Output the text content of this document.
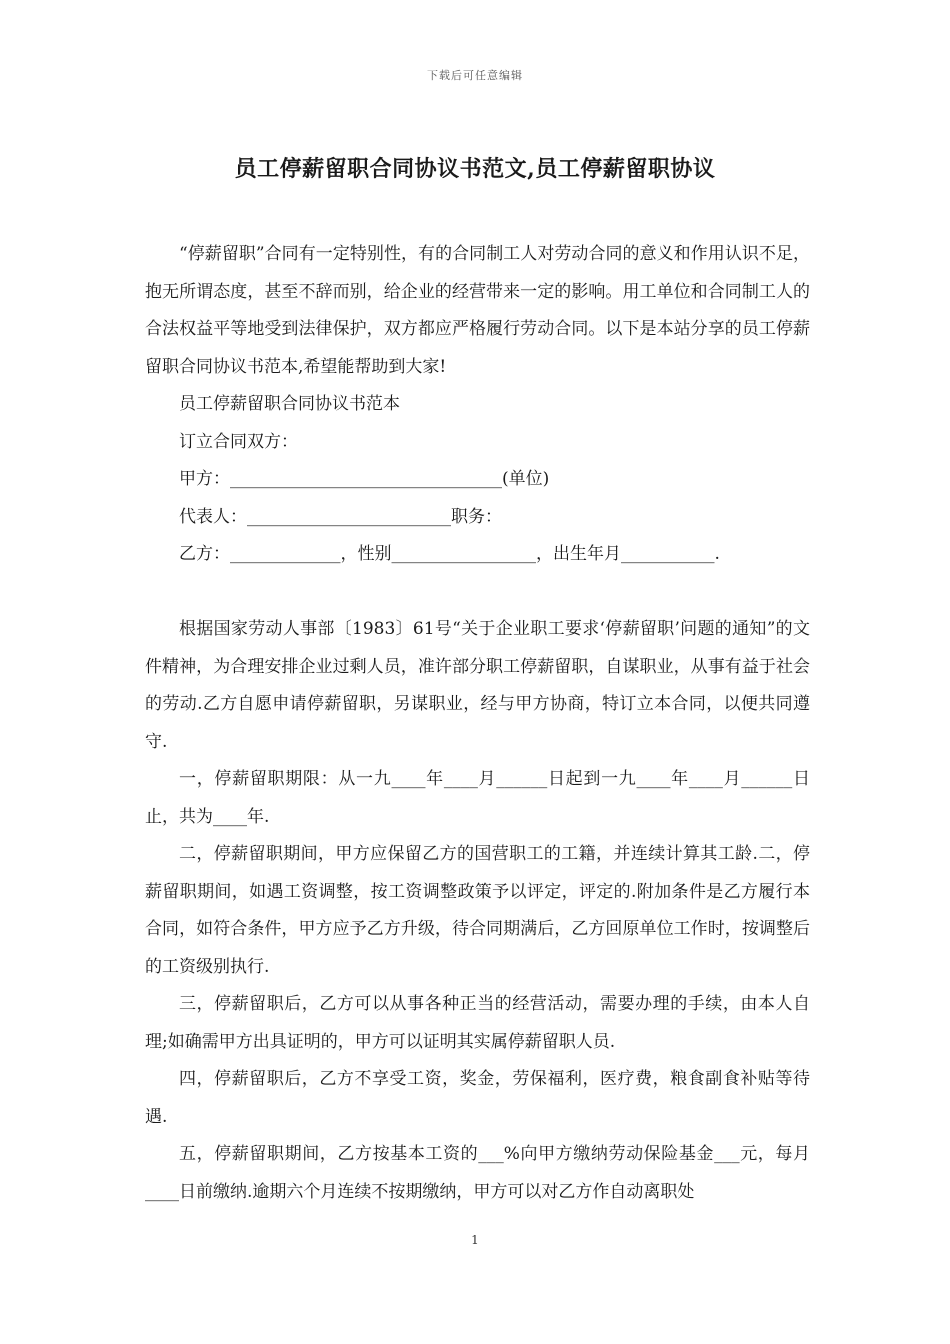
下载后可任意编辑
员工停薪留职合同协议书范文,员工停薪留职协议

“停薪留职”合同有一定特别性，有的合同制工人对劳动合同的意义和作用认识不足，抱无所谓态度，甚至不辞而别，给企业的经营带来一定的影响。用工单位和合同制工人的合法权益平等地受到法律保护，双方都应严格履行劳动合同。以下是本站分享的员工停薪留职合同协议书范本,希望能帮助到大家!

员工停薪留职合同协议书范本

订立合同双方：

甲方：________________________________(单位)

代表人：________________________职务：

乙方：_____________，性别_________________，出生年月___________.

根据国家劳动人事部〔1983〕61号“关于企业职工要求‘停薪留职’问题的通知”的文件精神，为合理安排企业过剩人员，准许部分职工停薪留职，自谋职业，从事有益于社会的劳动.乙方自愿申请停薪留职，另谋职业，经与甲方协商，特订立本合同，以便共同遵守.

一，停薪留职期限：从一九____年____月______日起到一九____年____月______日止，共为____年.

二，停薪留职期间，甲方应保留乙方的国营职工的工籍，并连续计算其工龄.二，停薪留职期间，如遇工资调整，按工资调整政策予以评定，评定的.附加条件是乙方履行本合同，如符合条件，甲方应予乙方升级，待合同期满后，乙方回原单位工作时，按调整后的工资级别执行.

三，停薪留职后，乙方可以从事各种正当的经营活动，需要办理的手续，由本人自理;如确需甲方出具证明的，甲方可以证明其实属停薪留职人员.

四，停薪留职后，乙方不享受工资，奖金，劳保福利，医疗费，粮食副食补贴等待遇.

五，停薪留职期间，乙方按基本工资的___%向甲方缴纳劳动保险基金___元，每月____日前缴纳.逾期六个月连续不按期缴纳，甲方可以对乙方作自动离职处

1
